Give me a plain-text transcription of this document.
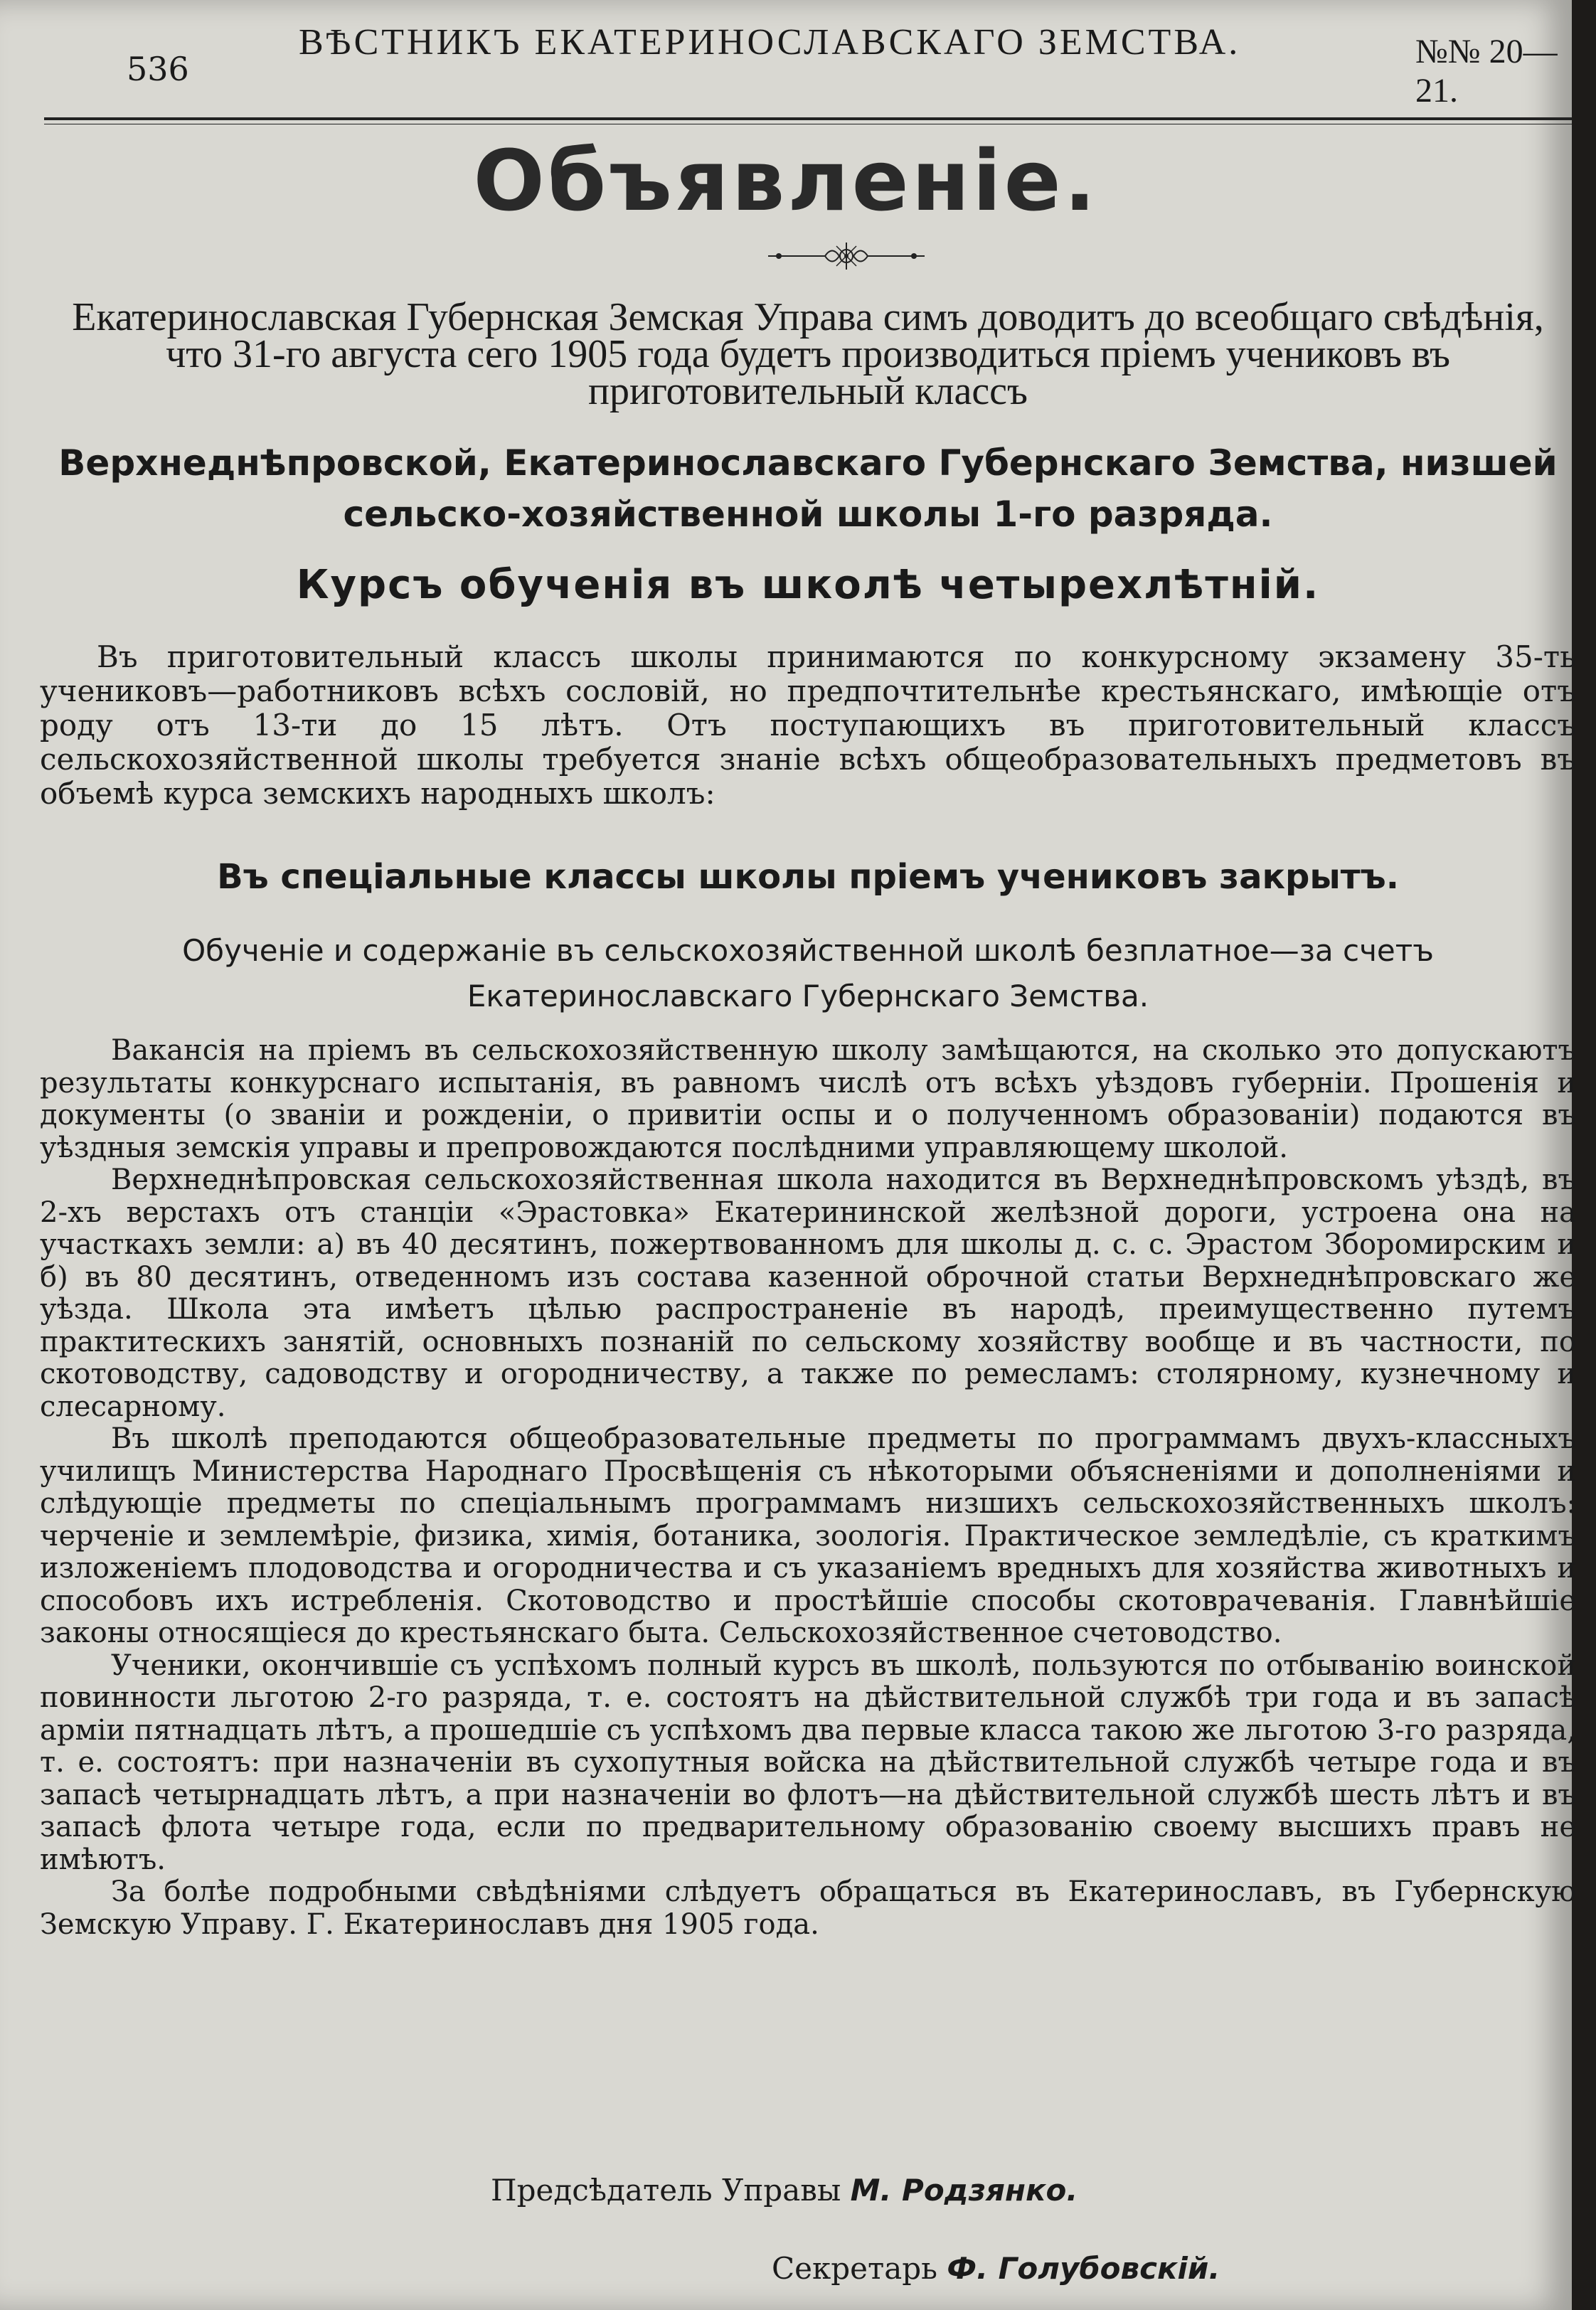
536
ВѢСТНИКЪ ЕКАТЕРИНОСЛАВСКАГО ЗЕМСТВА.	№№ 20—21.
Объявленіе.
Екатеринославская Губернская Земская Управа симъ доводитъ до всеобщаго свѣдѣнія, что 31-го августа сего 1905 года будетъ производиться пріемъ учениковъ въ приготовительный классъ
Верхнеднѣпровской, Екатеринославскаго Губернскаго Земства, низшей сельско-хозяйственной школы 1-го разряда.
Курсъ обученія въ школѣ четырехлѣтній.
Въ приготовительный классъ школы принимаются по конкурсному экзамену 35-ть учениковъ—работниковъ всѣхъ сословій, но предпочтительнѣе крестьянскаго, имѣющіе отъ роду отъ 13-ти до 15 лѣтъ. Отъ поступающихъ въ приготовительный классъ сельскохозяйственной школы требуется знаніе всѣхъ общеобразовательныхъ предметовъ въ объемѣ курса земскихъ народныхъ школъ:
Въ спеціальные классы школы пріемъ учениковъ закрытъ.
Обученіе и содержаніе въ сельскохозяйственной школѣ безплатное—за счетъ Екатеринославскаго Губернскаго Земства.

Вакансія на пріемъ въ сельскохозяйственную школу замѣщаются, на сколько это допускаютъ результаты конкурснаго испытанія, въ равномъ числѣ отъ всѣхъ уѣздовъ губерніи. Прошенія и документы (о званіи и рожденіи, о привитіи оспы и о полученномъ образованіи) подаются въ уѣздныя земскія управы и препровождаются послѣдними управляющему школой.

Верхнеднѣпровская сельскохозяйственная школа находится въ Верхнеднѣпровскомъ уѣздѣ, въ 2-хъ верстахъ отъ станціи «Эрастовка» Екатерининской желѣзной дороги, устроена она на участкахъ земли: а) въ 40 десятинъ, пожертвованномъ для школы д. с. с. Эрастом Зборомирским и б) въ 80 десятинъ, отведенномъ изъ состава казенной оброчной статьи Верхнеднѣпровскаго же уѣзда. Школа эта имѣетъ цѣлью распространеніе въ народѣ, преимущественно путемъ практитескихъ занятій, основныхъ познаній по сельскому хозяйству вообще и въ частности, по скотоводству, садоводству и огородничеству, а также по ремесламъ: столярному, кузнечному и слесарному.

Въ школѣ преподаются общеобразовательные предметы по программамъ двухъ-классныхъ училищъ Министерства Народнаго Просвѣщенія съ нѣкоторыми объясненіями и дополненіями и слѣдующіе предметы по спеціальнымъ программамъ низшихъ сельскохозяйственныхъ школъ: черченіе и землемѣріе, физика, химія, ботаника, зоологія. Практическое земледѣліе, съ краткимъ изложеніемъ плодоводства и огородничества и съ указаніемъ вредныхъ для хозяйства животныхъ и способовъ ихъ истребленія. Скотоводство и простѣйшіе способы скотоврачеванія. Главнѣйшіе законы относящіеся до крестьянскаго быта. Сельскохозяйственное счетоводство.

Ученики, окончившіе съ успѣхомъ полный курсъ въ школѣ, пользуются по отбыванію воинской повинности льготою 2-го разряда, т. е. состоятъ на дѣйствительной службѣ три года и въ запасѣ арміи пятнадцать лѣтъ, а прошедшіе съ успѣхомъ два первые класса такою же льготою 3-го разряда, т. е. состоятъ: при назначеніи въ сухопутныя войска на дѣйствительной службѣ четыре года и въ запасѣ четырнадцать лѣтъ, а при назначеніи во флотъ—на дѣйствительной службѣ шесть лѣтъ и въ запасѣ флота четыре года, если по предварительному образованію своему высшихъ правъ не имѣютъ.

За болѣе подробными свѣдѣніями слѣдуетъ обращаться въ Екатеринославъ, въ Губернскую Земскую Управу. Г. Екатеринославъ дня 1905 года.

Предсѣдатель Управы М. Родзянко.
Секретарь Ф. Голубовскій.
